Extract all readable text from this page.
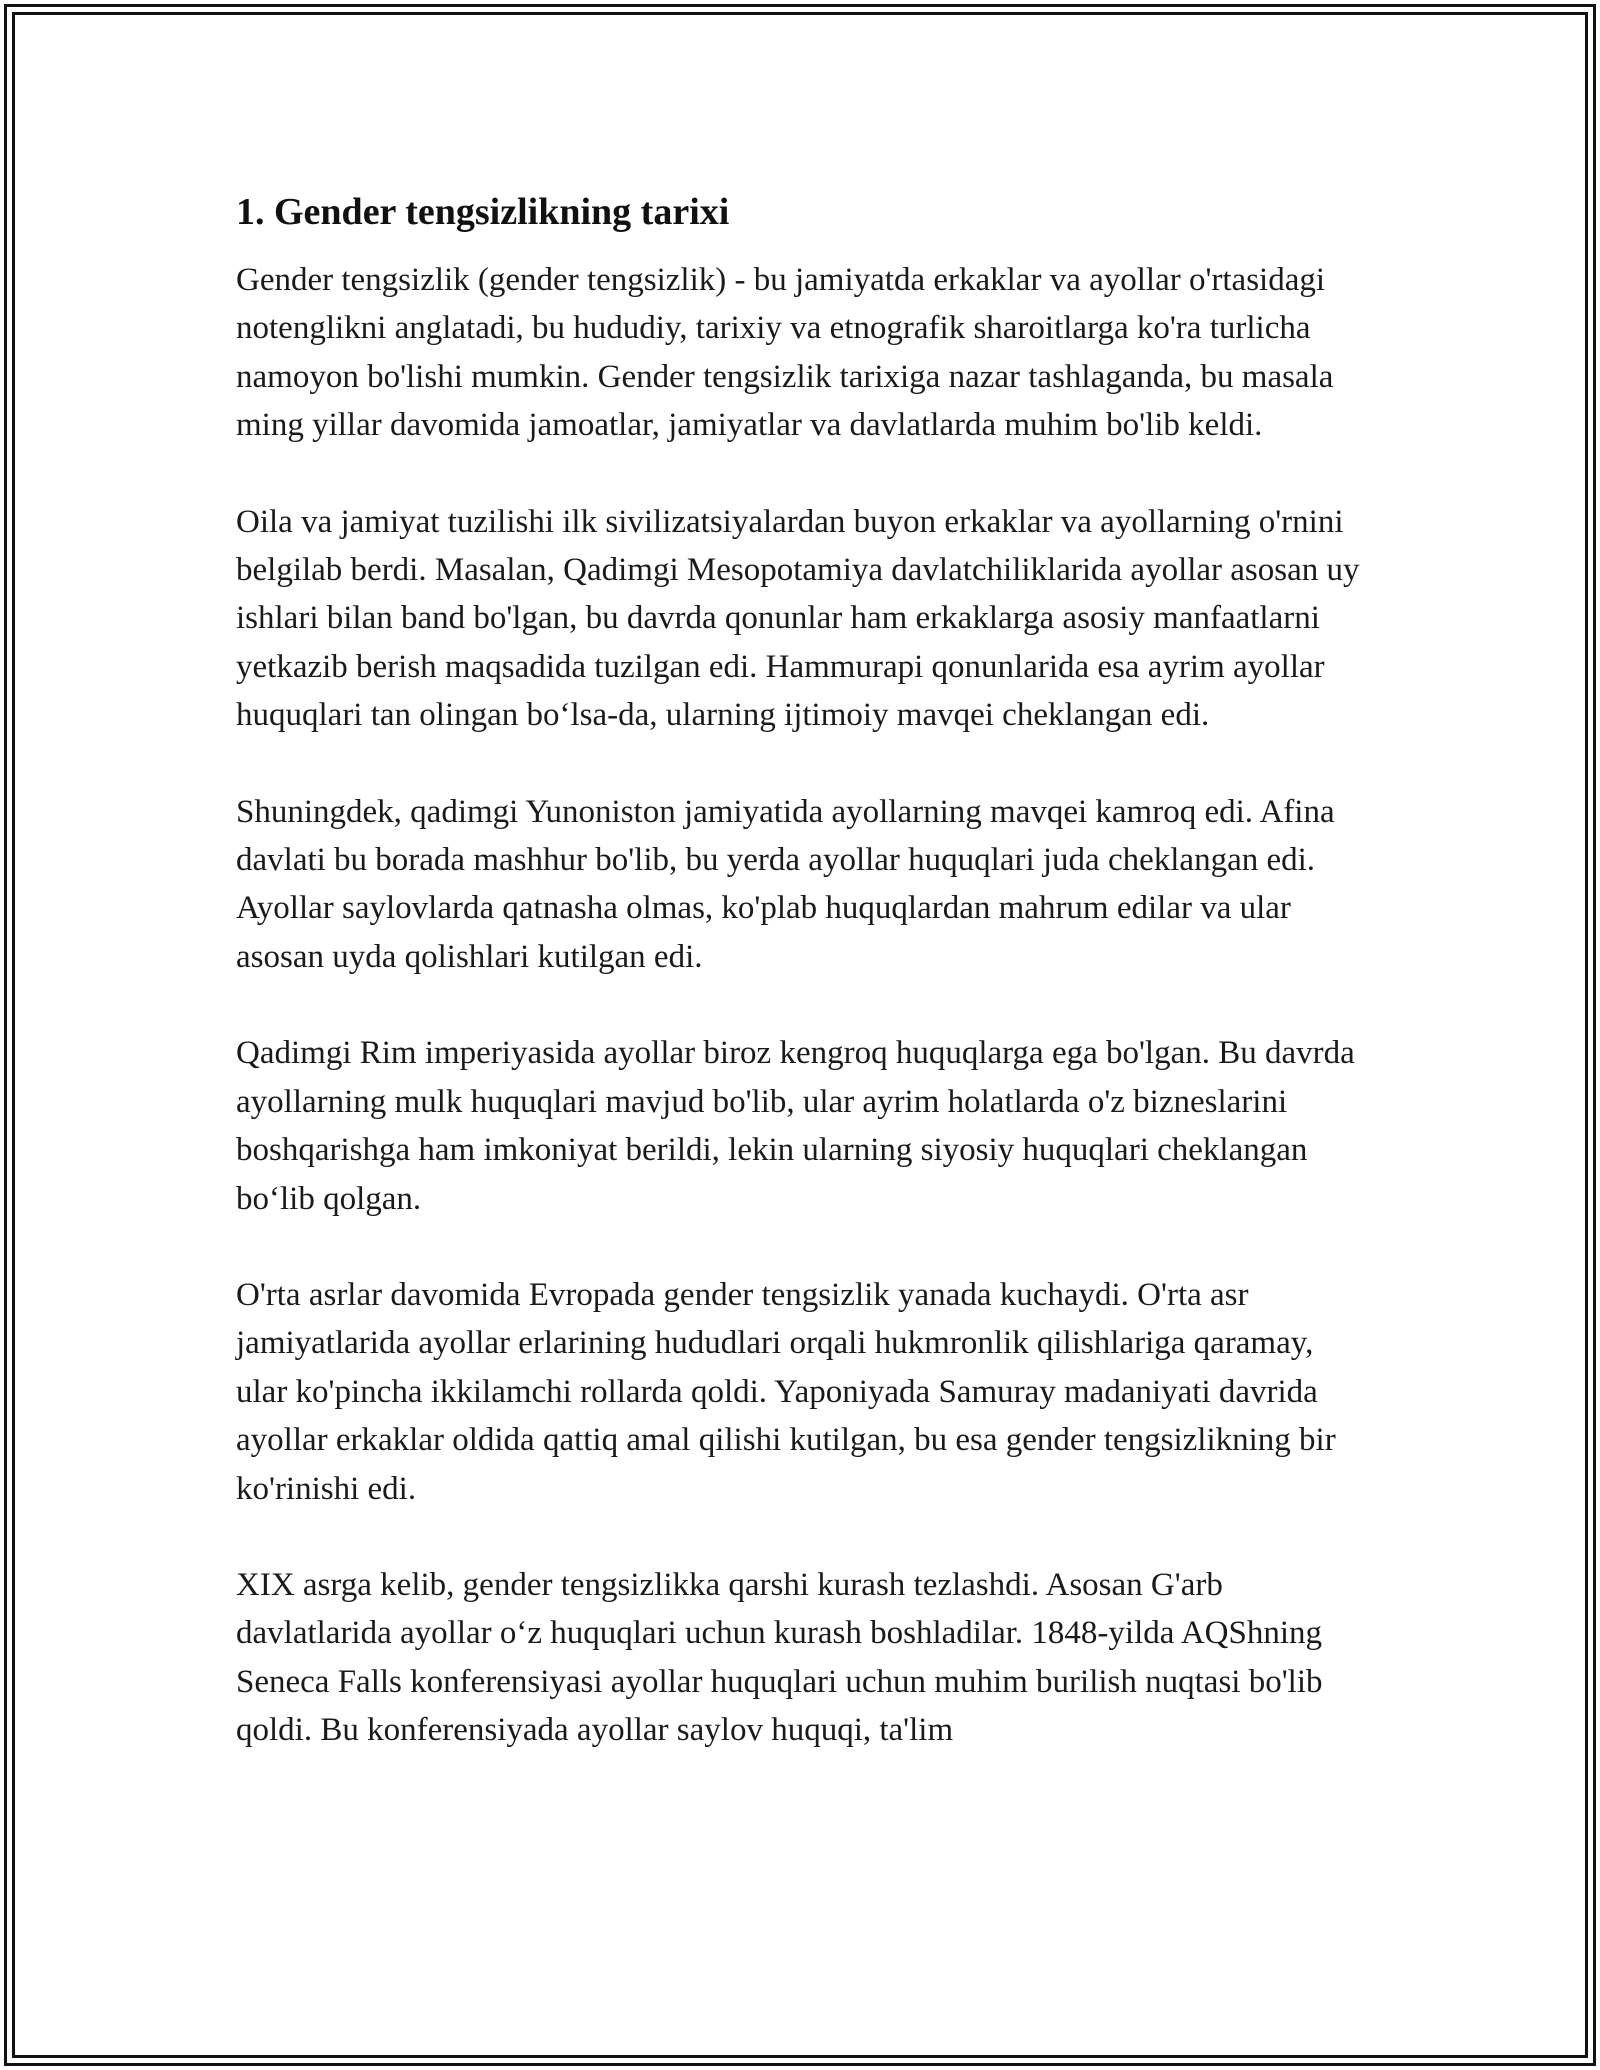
1. Gender tengsizlikning tarixi

Gender tengsizlik (gender tengsizlik) - bu jamiyatda erkaklar va ayollar o'rtasidagi notenglikni anglatadi, bu hududiy, tarixiy va etnografik sharoitlarga ko'ra turlicha namoyon bo'lishi mumkin. Gender tengsizlik tarixiga nazar tashlaganda, bu masala ming yillar davomida jamoatlar, jamiyatlar va davlatlarda muhim bo'lib keldi.

Oila va jamiyat tuzilishi ilk sivilizatsiyalardan buyon erkaklar va ayollarning o'rnini belgilab berdi. Masalan, Qadimgi Mesopotamiya davlatchiliklarida ayollar asosan uy ishlari bilan band bo'lgan, bu davrda qonunlar ham erkaklarga asosiy manfaatlarni yetkazib berish maqsadida tuzilgan edi. Hammurapi qonunlarida esa ayrim ayollar huquqlari tan olingan bo‘lsa-da, ularning ijtimoiy mavqei cheklangan edi.

Shuningdek, qadimgi Yunoniston jamiyatida ayollarning mavqei kamroq edi. Afina davlati bu borada mashhur bo'lib, bu yerda ayollar huquqlari juda cheklangan edi. Ayollar saylovlarda qatnasha olmas, ko'plab huquqlardan mahrum edilar va ular asosan uyda qolishlari kutilgan edi.

Qadimgi Rim imperiyasida ayollar biroz kengroq huquqlarga ega bo'lgan. Bu davrda ayollarning mulk huquqlari mavjud bo'lib, ular ayrim holatlarda o'z bizneslarini boshqarishga ham imkoniyat berildi, lekin ularning siyosiy huquqlari cheklangan bo‘lib qolgan.

O'rta asrlar davomida Evropada gender tengsizlik yanada kuchaydi. O'rta asr jamiyatlarida ayollar erlarining hududlari orqali hukmronlik qilishlariga qaramay, ular ko'pincha ikkilamchi rollarda qoldi. Yaponiyada Samuray madaniyati davrida ayollar erkaklar oldida qattiq amal qilishi kutilgan, bu esa gender tengsizlikning bir ko'rinishi edi.

XIX asrga kelib, gender tengsizlikka qarshi kurash tezlashdi. Asosan G'arb davlatlarida ayollar o‘z huquqlari uchun kurash boshladilar. 1848-yilda AQShning Seneca Falls konferensiyasi ayollar huquqlari uchun muhim burilish nuqtasi bo'lib qoldi. Bu konferensiyada ayollar saylov huquqi, ta'lim
